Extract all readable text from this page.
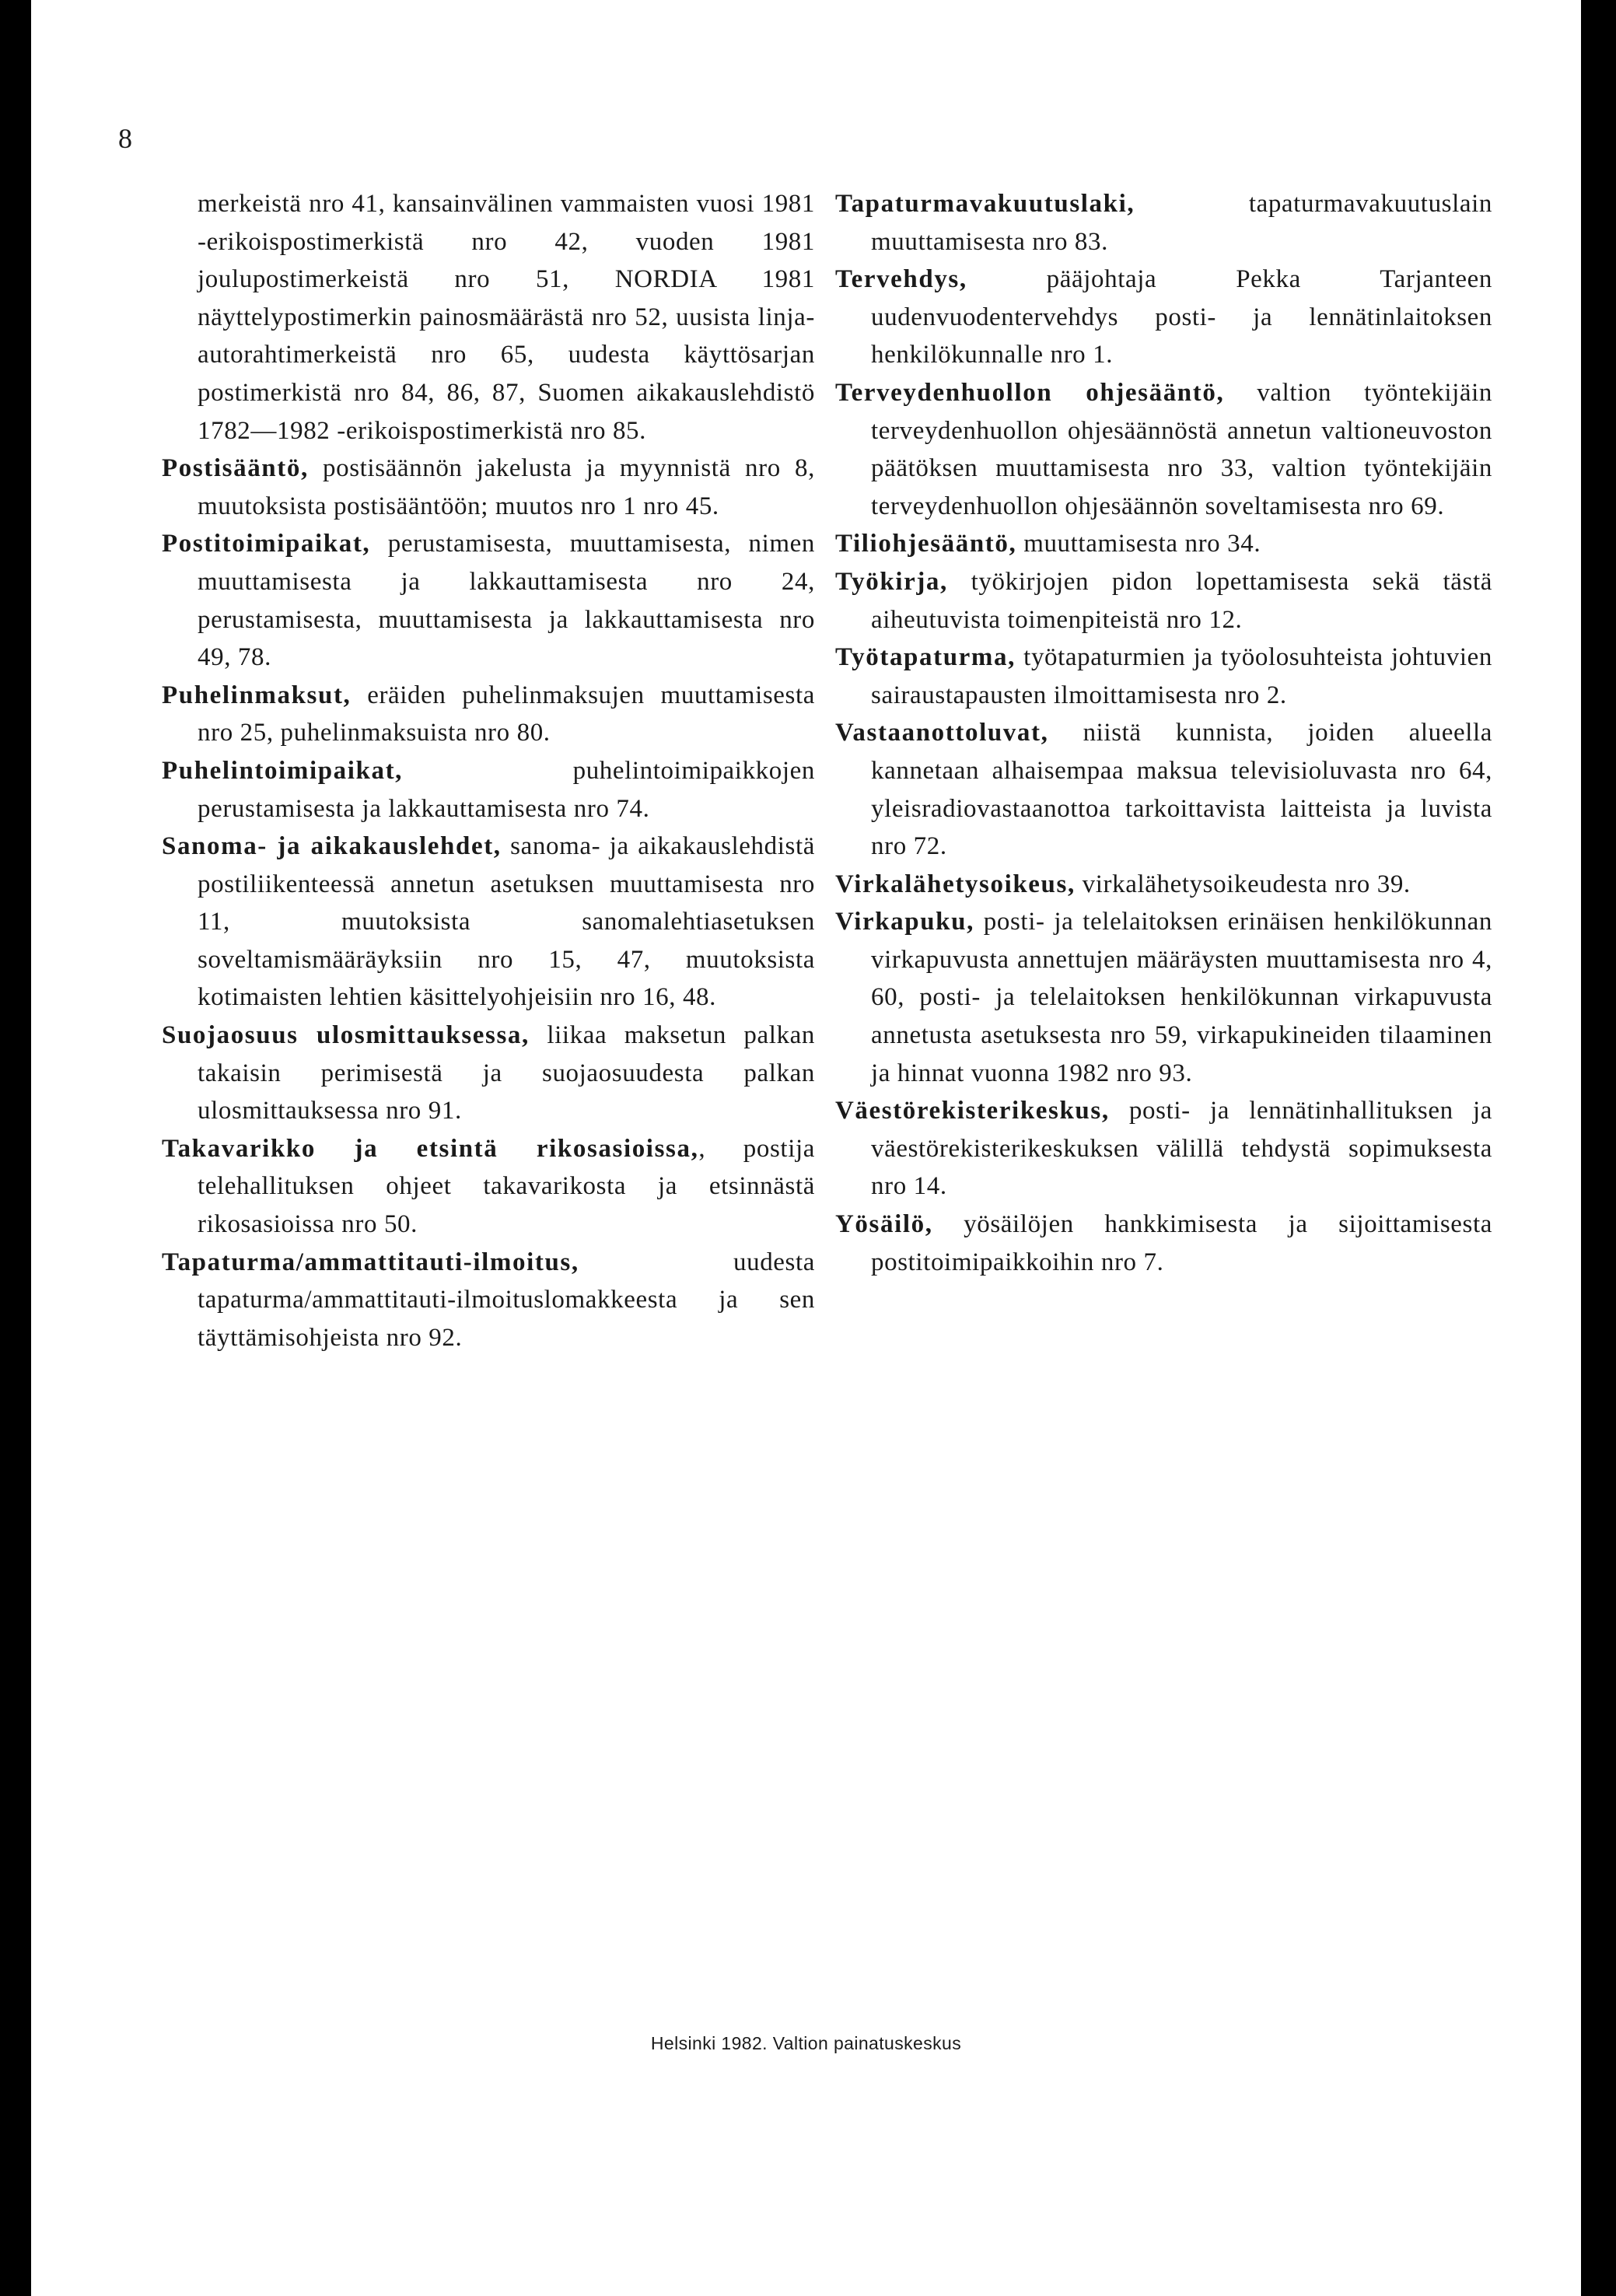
8

merkeistä nro 41, kansainvälinen vammaisten vuosi 1981 -erikoispostimerkistä nro 42, vuoden 1981 joulupostimerkeistä nro 51, NORDIA 1981 näyttelypostimerkin painosmäärästä nro 52, uusista linja-autorahtimerkeistä nro 65, uudesta käyttösarjan postimerkistä nro 84, 86, 87, Suomen aikakauslehdistö 1782—1982 -erikoispostimerkistä nro 85.

Postisääntö, postisäännön jakelusta ja myynnistä nro 8, muutoksista postisääntöön; muutos nro 1 nro 45.

Postitoimipaikat, perustamisesta, muuttamisesta, nimen muuttamisesta ja lakkauttamisesta nro 24, perustamisesta, muuttamisesta ja lakkauttamisesta nro 49, 78.

Puhelinmaksut, eräiden puhelinmaksujen muuttamisesta nro 25, puhelinmaksuista nro 80.

Puhelintoimipaikat, puhelintoimipaikkojen perustamisesta ja lakkauttamisesta nro 74.

Sanoma- ja aikakauslehdet, sanoma- ja aikakauslehdistä postiliikenteessä annetun asetuksen muuttamisesta nro 11, muutoksista sanomalehtiasetuksen soveltamismääräyksiin nro 15, 47, muutoksista kotimaisten lehtien käsittelyohjeisiin nro 16, 48.

Suojaosuus ulosmittauksessa, liikaa maksetun palkan takaisin perimisestä ja suojaosuudesta palkan ulosmittauksessa nro 91.

Takavarikko ja etsintä rikosasioissa,, postija telehallituksen ohjeet takavarikosta ja etsinnästä rikosasioissa nro 50.

Tapaturma/ammattitauti-ilmoitus, uudesta tapaturma/ammattitauti-ilmoituslomakkeesta ja sen täyttämisohjeista nro 92.

Tapaturmavakuutuslaki, tapaturmavakuutuslain muuttamisesta nro 83.

Tervehdys, pääjohtaja Pekka Tarjanteen uudenvuodentervehdys posti- ja lennätinlaitoksen henkilökunnalle nro 1.

Terveydenhuollon ohjesääntö, valtion työntekijäin terveydenhuollon ohjesäännöstä annetun valtioneuvoston päätöksen muuttamisesta nro 33, valtion työntekijäin terveydenhuollon ohjesäännön soveltamisesta nro 69.

Tiliohjesääntö, muuttamisesta nro 34.

Työkirja, työkirjojen pidon lopettamisesta sekä tästä aiheutuvista toimenpiteistä nro 12.

Työtapaturma, työtapaturmien ja työolosuhteista johtuvien sairaustapausten ilmoittamisesta nro 2.

Vastaanottoluvat, niistä kunnista, joiden alueella kannetaan alhaisempaa maksua televisioluvasta nro 64, yleisradiovastaanottoa tarkoittavista laitteista ja luvista nro 72.

Virkalähetysoikeus, virkalähetysoikeudesta nro 39.

Virkapuku, posti- ja telelaitoksen erinäisen henkilökunnan virkapuvusta annettujen määräysten muuttamisesta nro 4, 60, posti- ja telelaitoksen henkilökunnan virkapuvusta annetusta asetuksesta nro 59, virkapukineiden tilaaminen ja hinnat vuonna 1982 nro 93.

Väestörekisterikeskus, posti- ja lennätinhallituksen ja väestörekisterikeskuksen välillä tehdystä sopimuksesta nro 14.

Yösäilö, yösäilöjen hankkimisesta ja sijoittamisesta postitoimipaikkoihin nro 7.

Helsinki 1982. Valtion painatuskeskus
